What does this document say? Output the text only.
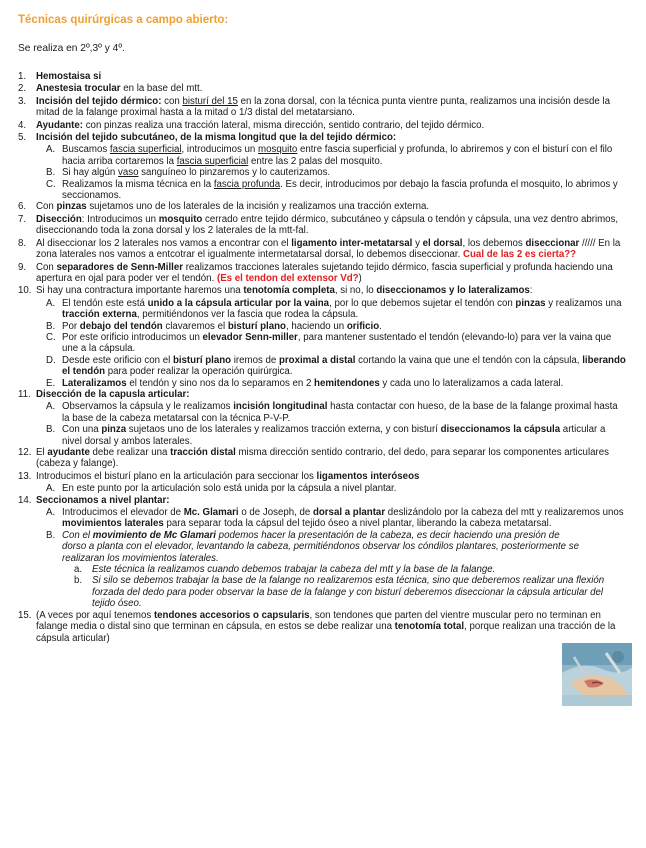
Técnicas quirúrgicas a campo abierto:
Se realiza en 2º,3º y 4º.
1.	Hemostaisa si
2.	Anestesia trocular en la base del mtt.
3.	Incisión del tejido dérmico: con bisturí del 15 en la zona dorsal, con la técnica punta vientre punta, realizamos una incisión desde la mitad de la falange proximal hasta a la mitad o 1/3 distal del metatarsiano.
4.	Ayudante: con pinzas realiza una tracción lateral, misma dirección, sentido contrario, del tejido dérmico.
5.	Incisión del tejido subcutáneo, de la misma longitud que la del tejido dérmico:
A. Buscamos fascia superficial, introducimos un mosquito entre fascia superficial y profunda, lo abriremos y con el bisturí con el filo hacia arriba cortaremos la fascia superficial entre las 2 palas del mosquito.
B. Si hay algún vaso sanguíneo lo pinzaremos y lo cauterizamos.
C. Realizamos la misma técnica en la fascia profunda. Es decir, introducimos por debajo la fascia profunda el mosquito, lo abrimos y seccionamos.
6.	Con pinzas sujetamos uno de los laterales de la incisión y realizamos una tracción externa.
7.	Disección: Introducimos un mosquito cerrado entre tejido dérmico, subcutáneo y cápsula o tendón y cápsula, una vez dentro abrimos, diseccionando toda la zona dorsal y los 2 laterales de la mtt-fal.
8.	Al diseccionar los 2 laterales nos vamos a encontrar con el ligamento inter-metatarsal y el dorsal, los debemos diseccionar ///// En la zona laterales nos vamos a entcotrar el igualmente intermetatarsal dorsal, lo debemos diseccionar. Cual de las 2 es cierta??
9.	Con separadores de Senn-Miller realizamos tracciones laterales sujetando tejido dérmico, fascia superficial y profunda haciendo una apertura en ojal para poder ver el tendón. (Es el tendon del extensor Vd?)
10. Si hay una contractura importante haremos una tenotomía completa, si no, lo diseccionamos y lo lateralizamos:
A. El tendón este está unido a la cápsula articular por la vaina, por lo que debemos sujetar el tendón con pinzas y realizamos una tracción externa, permitiéndonos ver la fascia que rodea la cápsula.
B. Por debajo del tendón clavaremos el bisturí plano, haciendo un orificio.
C. Por este orificio introducimos un elevador Senn-miller, para mantener sustentado el tendón (elevando-lo) para ver la vaina que une a la cápsula.
D. Desde este orificio con el bisturí plano iremos de proximal a distal cortando la vaina que une el tendón con la cápsula, liberando el tendón para poder realizar la operación quirúrgica.
E. Lateralizamos el tendón y sino nos da lo separamos en 2 hemitendones y cada uno lo lateralizamos a cada lateral.
11. Disección de la capusla articular:
A. Observamos la cápsula y le realizamos incisión longitudinal hasta contactar con hueso, de la base de la falange proximal hasta la base de la cabeza metatarsal con la técnica P-V-P.
B. Con una pinza sujetaos uno de los laterales y realizamos tracción externa, y con bisturí diseccionamos la cápsula articular a nivel dorsal y ambos laterales.
12. El ayudante debe realizar una tracción distal misma dirección sentido contrario, del dedo, para separar los componentes articulares (cabeza y falange).
13. Introducimos el bisturí plano en la articulación para seccionar los ligamentos interóseos
A. En este punto por la articulación solo está unida por la cápsula a nivel plantar.
14. Seccionamos a nivel plantar:
A. Introducimos el elevador de Mc. Glamari o de Joseph, de dorsal a plantar deslizándolo por la cabeza del mtt y realizaremos unos movimientos laterales para separar toda la cápsul del tejido óseo a nivel plantar, liberando la cabeza metatarsal.
B. Con el movimiento de Mc Glamari podemos hacer la presentación de la cabeza, es decir haciendo una presión de dorso a planta con el elevador, levantando la cabeza, permitiéndonos observar los cóndilos plantares, posteriormente se realizaran los movimientos laterales.
a. Este técnica la realizamos cuando debemos trabajar la cabeza del mtt y la base de la falange.
b. Si silo se debemos trabajar la base de la falange no realizaremos esta técnica, sino que deberemos realizar una flexión forzada del dedo para poder observar la base de la falange y con bisturí deberemos diseccionar la cápsula articular del tejido óseo.
15. (A veces por aquí tenemos tendones accesorios o capsularis, son tendones que parten del vientre muscular pero no terminan en falange media o distal sino que terminan en cápsula, en estos se debe realizar una tenotomía total, porque realizan una tracción de la cápsula articular)
